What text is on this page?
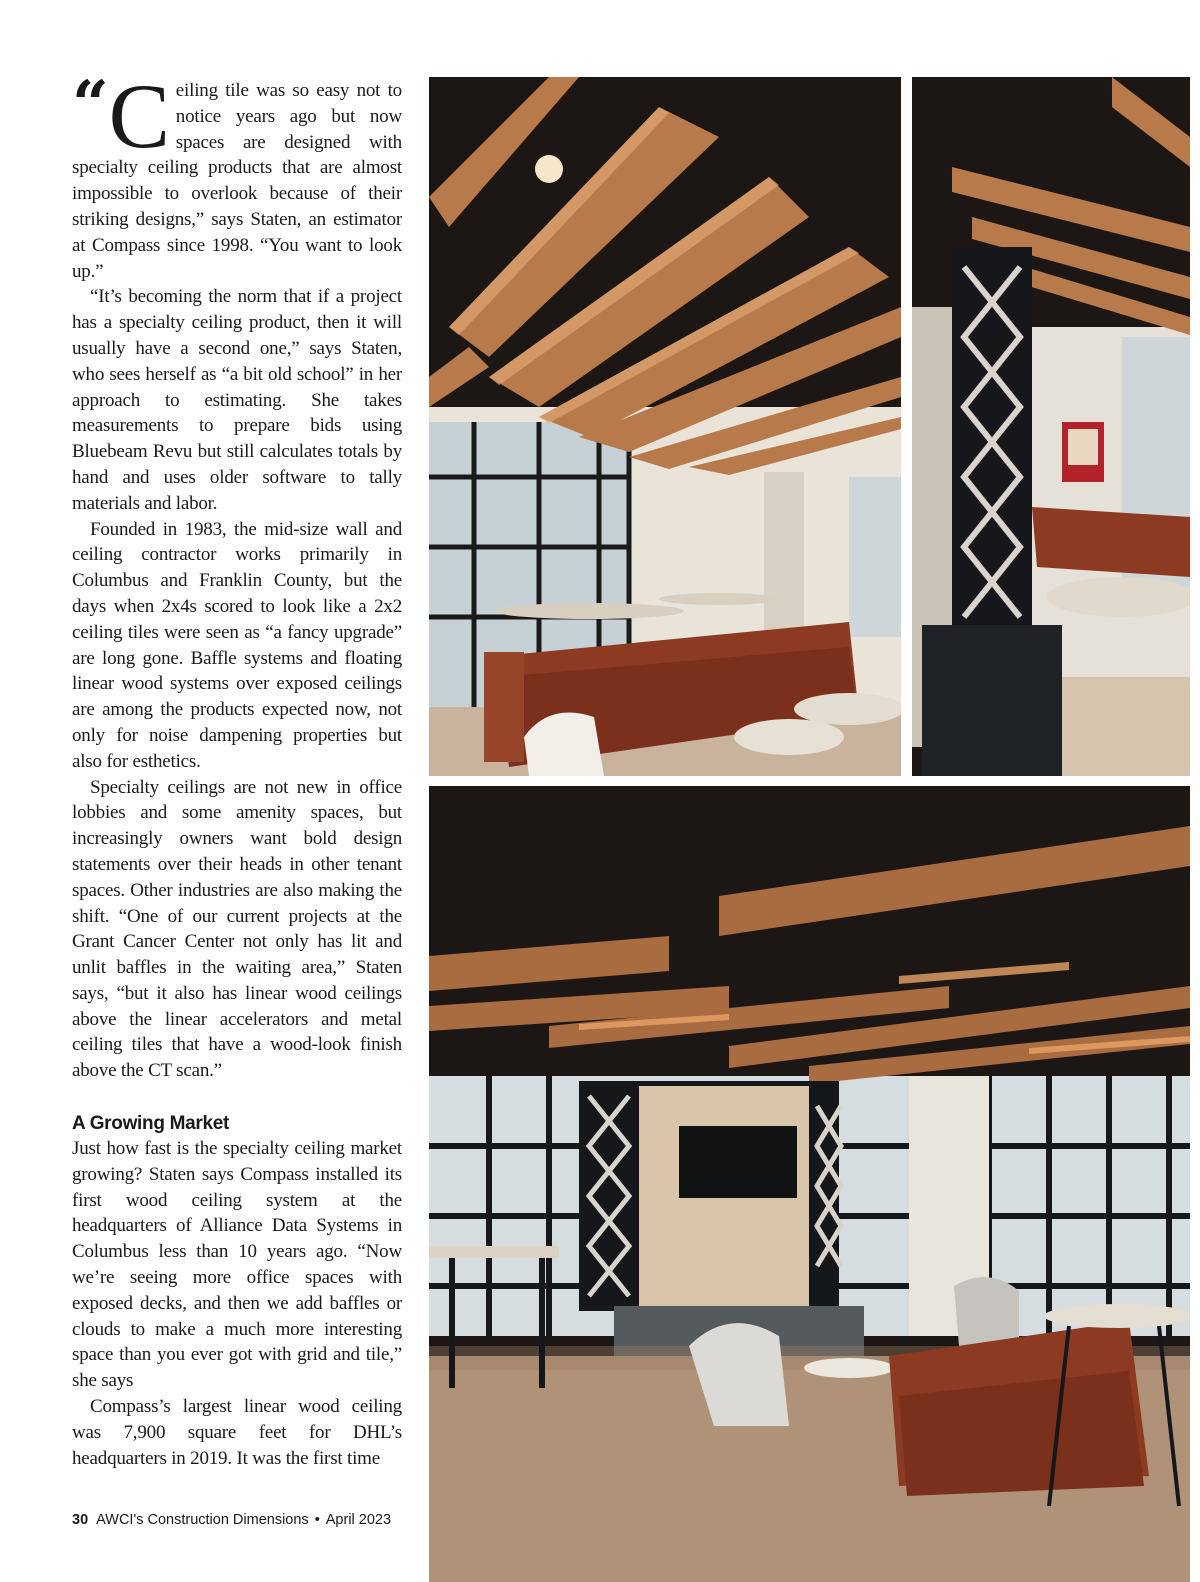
“ C eiling tile was so easy not to notice years ago but now spaces are designed with specialty ceiling products that are almost impossible to overlook because of their striking designs,” says Staten, an estimator at Compass since 1998. “You want to look up.”

“It’s becoming the norm that if a project has a specialty ceiling product, then it will usually have a second one,” says Staten, who sees herself as “a bit old school” in her approach to estimating. She takes measurements to prepare bids using Bluebeam Revu but still calculates totals by hand and uses older software to tally materials and labor.

Founded in 1983, the mid-size wall and ceiling contractor works primarily in Columbus and Franklin County, but the days when 2x4s scored to look like a 2x2 ceiling tiles were seen as “a fancy upgrade” are long gone. Baffle systems and floating linear wood systems over exposed ceilings are among the products expected now, not only for noise dampening properties but also for esthetics.

Specialty ceilings are not new in office lobbies and some amenity spaces, but increasingly owners want bold design statements over their heads in other tenant spaces. Other industries are also making the shift. “One of our current projects at the Grant Cancer Center not only has lit and unlit baffles in the waiting area,” Staten says, “but it also has linear wood ceilings above the linear accelerators and metal ceiling tiles that have a wood-look finish above the CT scan.”

A Growing Market

Just how fast is the specialty ceiling market growing? Staten says Compass installed its first wood ceiling system at the headquarters of Alliance Data Systems in Columbus less than 10 years ago. “Now we’re seeing more office spaces with exposed decks, and then we add baffles or clouds to make a much more interesting space than you ever got with grid and tile,” she says

Compass’s largest linear wood ceiling was 7,900 square feet for DHL’s headquarters in 2019. It was the first time

30 AWCI's Construction Dimensions • April 2023
